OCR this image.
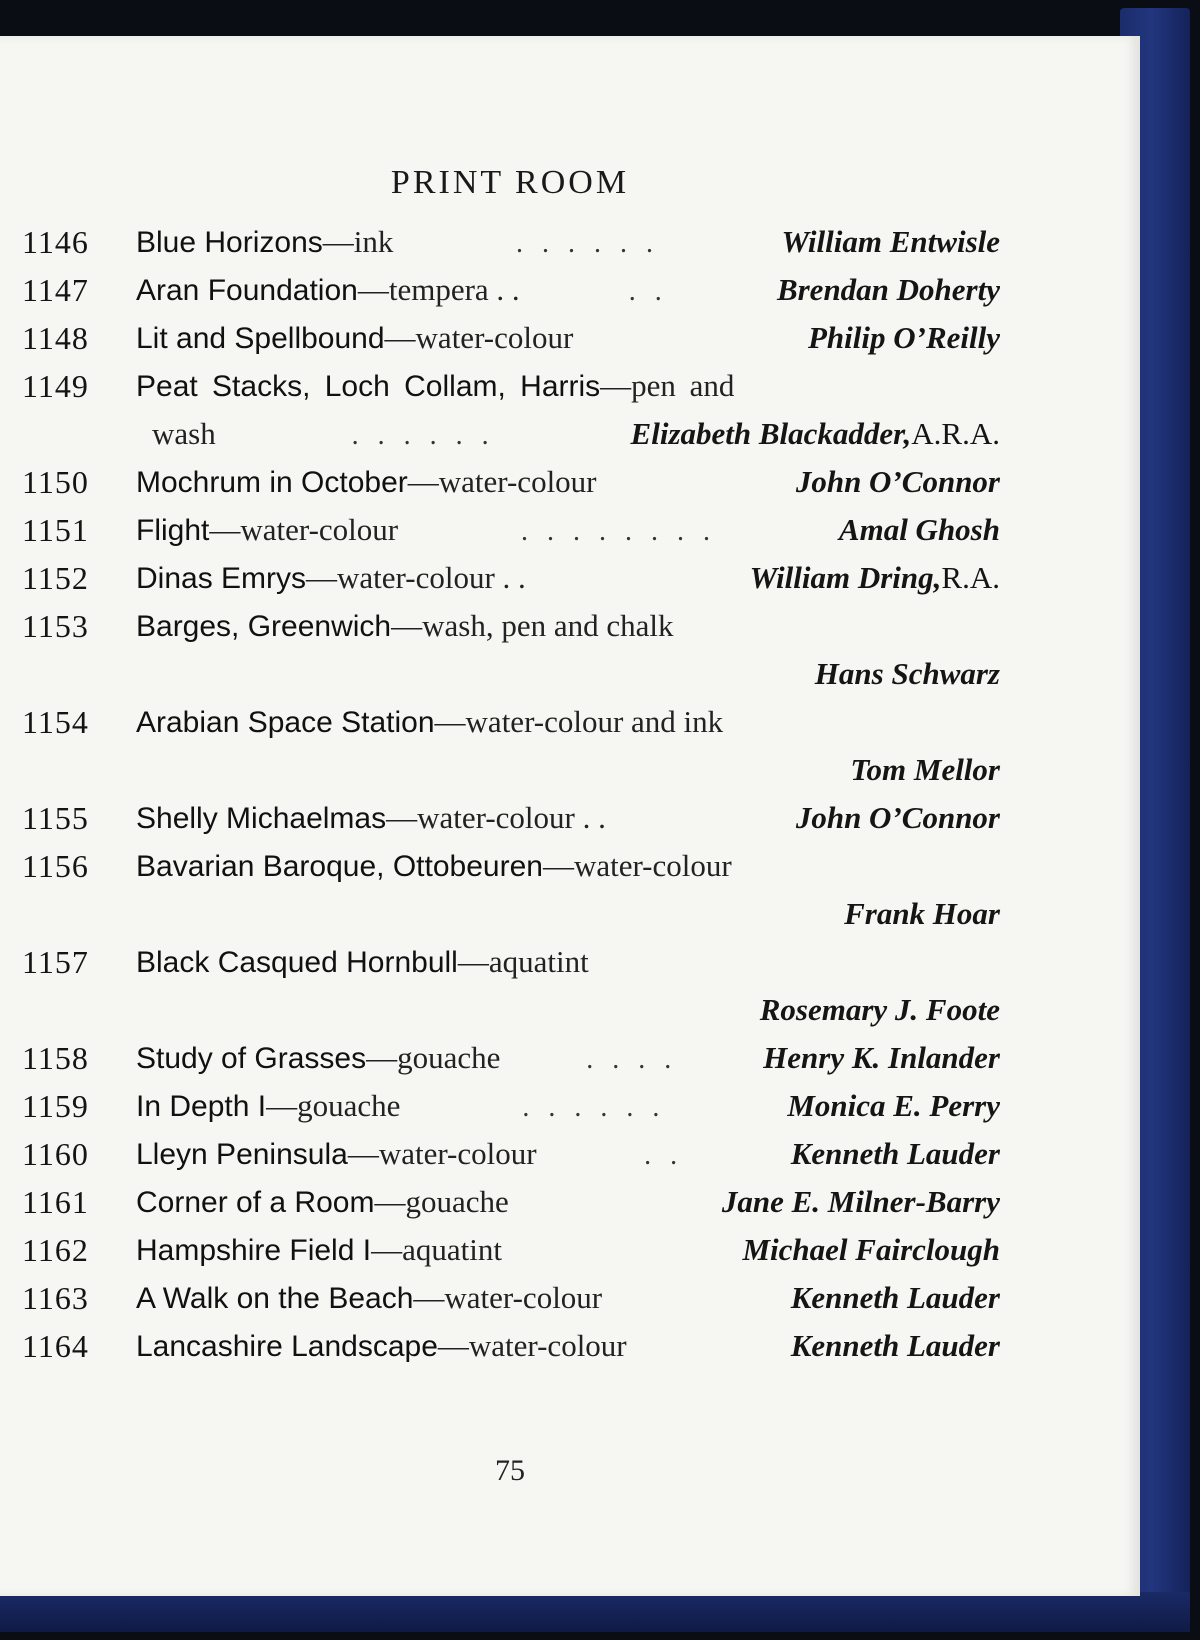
PRINT ROOM
1146 Blue Horizons —ink	. . . . . .	William Entwisle
1147 Aran Foundation —tempera . .	. .	Brendan Doherty
1148 Lit and Spellbound —water-colour	Philip O’Reilly
1149 Peat Stacks, Loch Collam, Harris —pen and
wash	. . . . . .	Elizabeth Blackadder, A.R.A.
1150 Mochrum in October —water-colour	John O’Connor
1151 Flight —water-colour	. . . . . . . .	Amal Ghosh
1152 Dinas Emrys —water-colour . .	William Dring, R.A.
1153 Barges, Greenwich —wash, pen and chalk
Hans Schwarz
1154 Arabian Space Station —water-colour and ink
Tom Mellor
1155 Shelly Michaelmas —water-colour . .	John O’Connor
1156 Bavarian Baroque, Ottobeuren —water-colour
Frank Hoar
1157 Black Casqued Hornbull —aquatint
Rosemary J. Foote
1158 Study of Grasses —gouache	. . . .	Henry K. Inlander
1159 In Depth I —gouache	. . . . . .	Monica E. Perry
1160 Lleyn Peninsula —water-colour	. .	Kenneth Lauder
1161 Corner of a Room —gouache	Jane E. Milner-Barry
1162 Hampshire Field I —aquatint	Michael Fairclough
1163 A Walk on the Beach —water-colour	Kenneth Lauder
1164 Lancashire Landscape —water-colour	Kenneth Lauder
75
